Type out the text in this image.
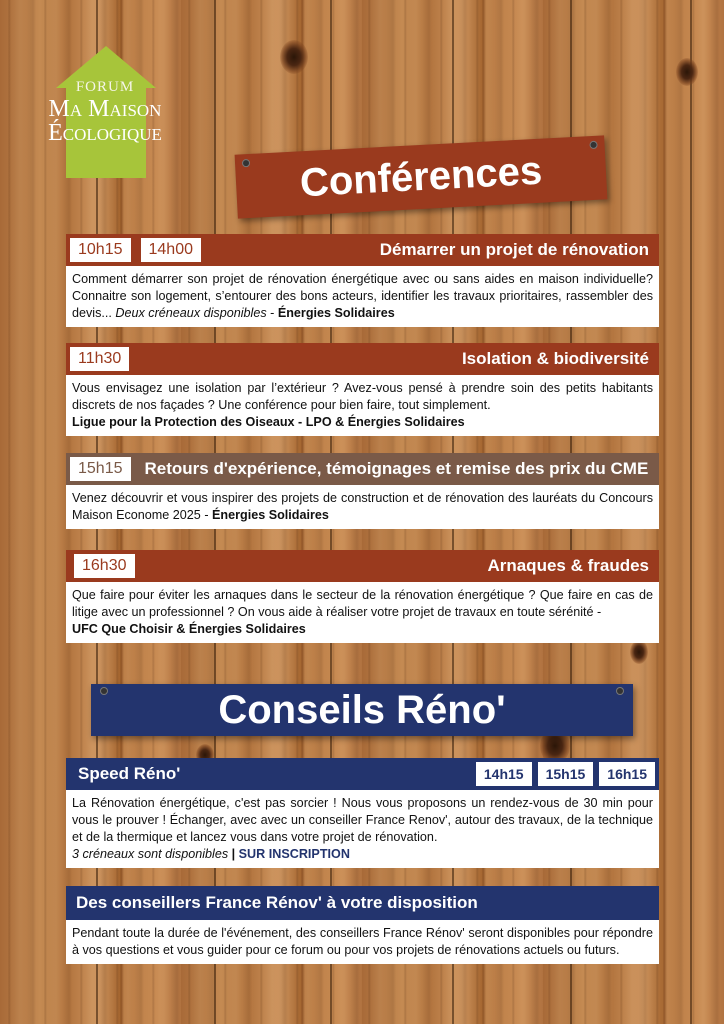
FORUM
Ma Maison
Écologique
Conférences
10h15	14h00	Démarrer un projet de rénovation
Comment démarrer son projet de rénovation énergétique avec ou sans aides en maison individuelle? Connaitre son logement, s’entourer des bons acteurs, identifier les travaux prioritaires, rassembler des devis... Deux créneaux disponibles - Énergies Solidaires
11h30	Isolation & biodiversité
Vous envisagez une isolation par l’extérieur ? Avez-vous pensé à prendre soin des petits habitants discrets de nos façades ? Une conférence pour bien faire, tout simplement.
Ligue pour la Protection des Oiseaux - LPO & Énergies Solidaires
15h15	Retours d'expérience, témoignages et remise des prix du CME
Venez découvrir et vous inspirer des projets de construction et de rénovation des lauréats du Concours Maison Econome 2025 - Énergies Solidaires
16h30	Arnaques & fraudes
Que faire pour éviter les arnaques dans le secteur de la rénovation énergétique ? Que faire en cas de litige avec un professionnel ? On vous aide à réaliser votre projet de travaux en toute sérénité -
UFC Que Choisir & Énergies Solidaires
Conseils Réno'
Speed Réno'	14h15	15h15	16h15
La Rénovation énergétique, c'est pas sorcier ! Nous vous proposons un rendez-vous de 30 min pour vous le prouver ! Échanger, avec avec un conseiller France Renov', autour des travaux, de la technique et de la thermique et lancez vous dans votre projet de rénovation.
3 créneaux sont disponibles | SUR INSCRIPTION
Des conseillers France Rénov' à votre disposition
Pendant toute la durée de l'événement, des conseillers France Rénov' seront disponibles pour répondre à vos questions et vous guider pour ce forum ou pour vos projets de rénovations actuels ou futurs.
